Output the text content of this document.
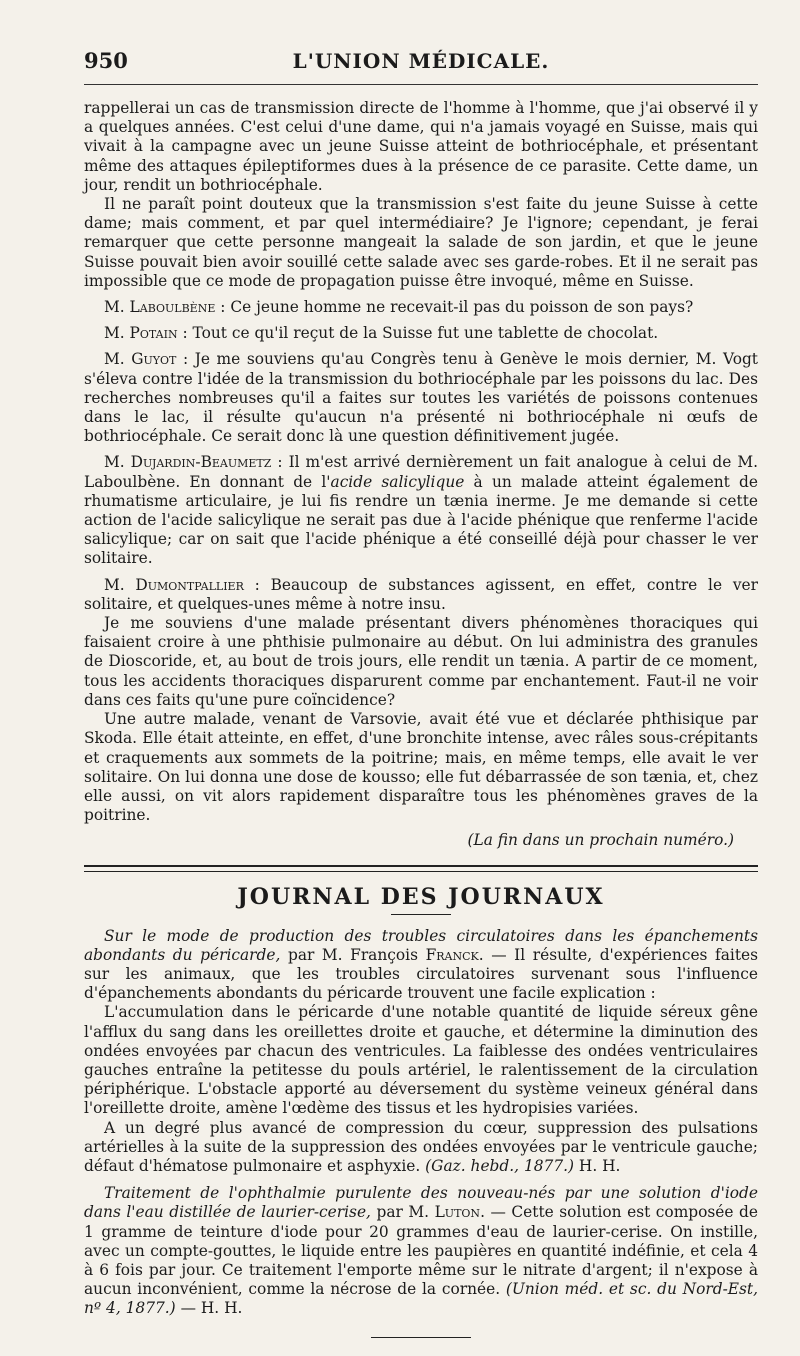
950	L'UNION MÉDICALE.

rappellerai un cas de transmission directe de l'homme à l'homme, que j'ai observé il y a quelques années. C'est celui d'une dame, qui n'a jamais voyagé en Suisse, mais qui vivait à la campagne avec un jeune Suisse atteint de bothriocéphale, et présentant même des attaques épileptiformes dues à la présence de ce parasite. Cette dame, un jour, rendit un bothriocéphale.

Il ne paraît point douteux que la transmission s'est faite du jeune Suisse à cette dame; mais comment, et par quel intermédiaire? Je l'ignore; cependant, je ferai remarquer que cette personne mangeait la salade de son jardin, et que le jeune Suisse pouvait bien avoir souillé cette salade avec ses garde-robes. Et il ne serait pas impossible que ce mode de propagation puisse être invoqué, même en Suisse.

M. Laboulbène : Ce jeune homme ne recevait-il pas du poisson de son pays?

M. Potain : Tout ce qu'il reçut de la Suisse fut une tablette de chocolat.

M. Guyot : Je me souviens qu'au Congrès tenu à Genève le mois dernier, M. Vogt s'éleva contre l'idée de la transmission du bothriocéphale par les poissons du lac. Des recherches nombreuses qu'il a faites sur toutes les variétés de poissons contenues dans le lac, il résulte qu'aucun n'a présenté ni bothriocéphale ni œufs de bothriocéphale. Ce serait donc là une question définitivement jugée.

M. Dujardin-Beaumetz : Il m'est arrivé dernièrement un fait analogue à celui de M. Laboulbène. En donnant de l'acide salicylique à un malade atteint également de rhumatisme articulaire, je lui fis rendre un tænia inerme. Je me demande si cette action de l'acide salicylique ne serait pas due à l'acide phénique que renferme l'acide salicylique; car on sait que l'acide phénique a été conseillé déjà pour chasser le ver solitaire.

M. Dumontpallier : Beaucoup de substances agissent, en effet, contre le ver solitaire, et quelques-unes même à notre insu.

Je me souviens d'une malade présentant divers phénomènes thoraciques qui faisaient croire à une phthisie pulmonaire au début. On lui administra des granules de Dioscoride, et, au bout de trois jours, elle rendit un tænia. A partir de ce moment, tous les accidents thoraciques disparurent comme par enchantement. Faut-il ne voir dans ces faits qu'une pure coïncidence?

Une autre malade, venant de Varsovie, avait été vue et déclarée phthisique par Skoda. Elle était atteinte, en effet, d'une bronchite intense, avec râles sous-crépitants et craquements aux sommets de la poitrine; mais, en même temps, elle avait le ver solitaire. On lui donna une dose de kousso; elle fut débarrassée de son tænia, et, chez elle aussi, on vit alors rapidement disparaître tous les phénomènes graves de la poitrine.

(La fin dans un prochain numéro.)

JOURNAL DES JOURNAUX

Sur le mode de production des troubles circulatoires dans les épanchements abondants du péricarde, par M. François Franck. — Il résulte, d'expériences faites sur les animaux, que les troubles circulatoires survenant sous l'influence d'épanchements abondants du péricarde trouvent une facile explication :

L'accumulation dans le péricarde d'une notable quantité de liquide séreux gêne l'afflux du sang dans les oreillettes droite et gauche, et détermine la diminution des ondées envoyées par chacun des ventricules. La faiblesse des ondées ventriculaires gauches entraîne la petitesse du pouls artériel, le ralentissement de la circulation périphérique. L'obstacle apporté au déversement du système veineux général dans l'oreillette droite, amène l'œdème des tissus et les hydropisies variées.

A un degré plus avancé de compression du cœur, suppression des pulsations artérielles à la suite de la suppression des ondées envoyées par le ventricule gauche; défaut d'hématose pulmonaire et asphyxie. (Gaz. hebd., 1877.) H. H.

Traitement de l'ophthalmie purulente des nouveau-nés par une solution d'iode dans l'eau distillée de laurier-cerise, par M. Luton. — Cette solution est composée de 1 gramme de teinture d'iode pour 20 grammes d'eau de laurier-cerise. On instille, avec un compte-gouttes, le liquide entre les paupières en quantité indéfinie, et cela 4 à 6 fois par jour. Ce traitement l'emporte même sur le nitrate d'argent; il n'expose à aucun inconvénient, comme la nécrose de la cornée. (Union méd. et sc. du Nord-Est, nº 4, 1877.) — H. H.
